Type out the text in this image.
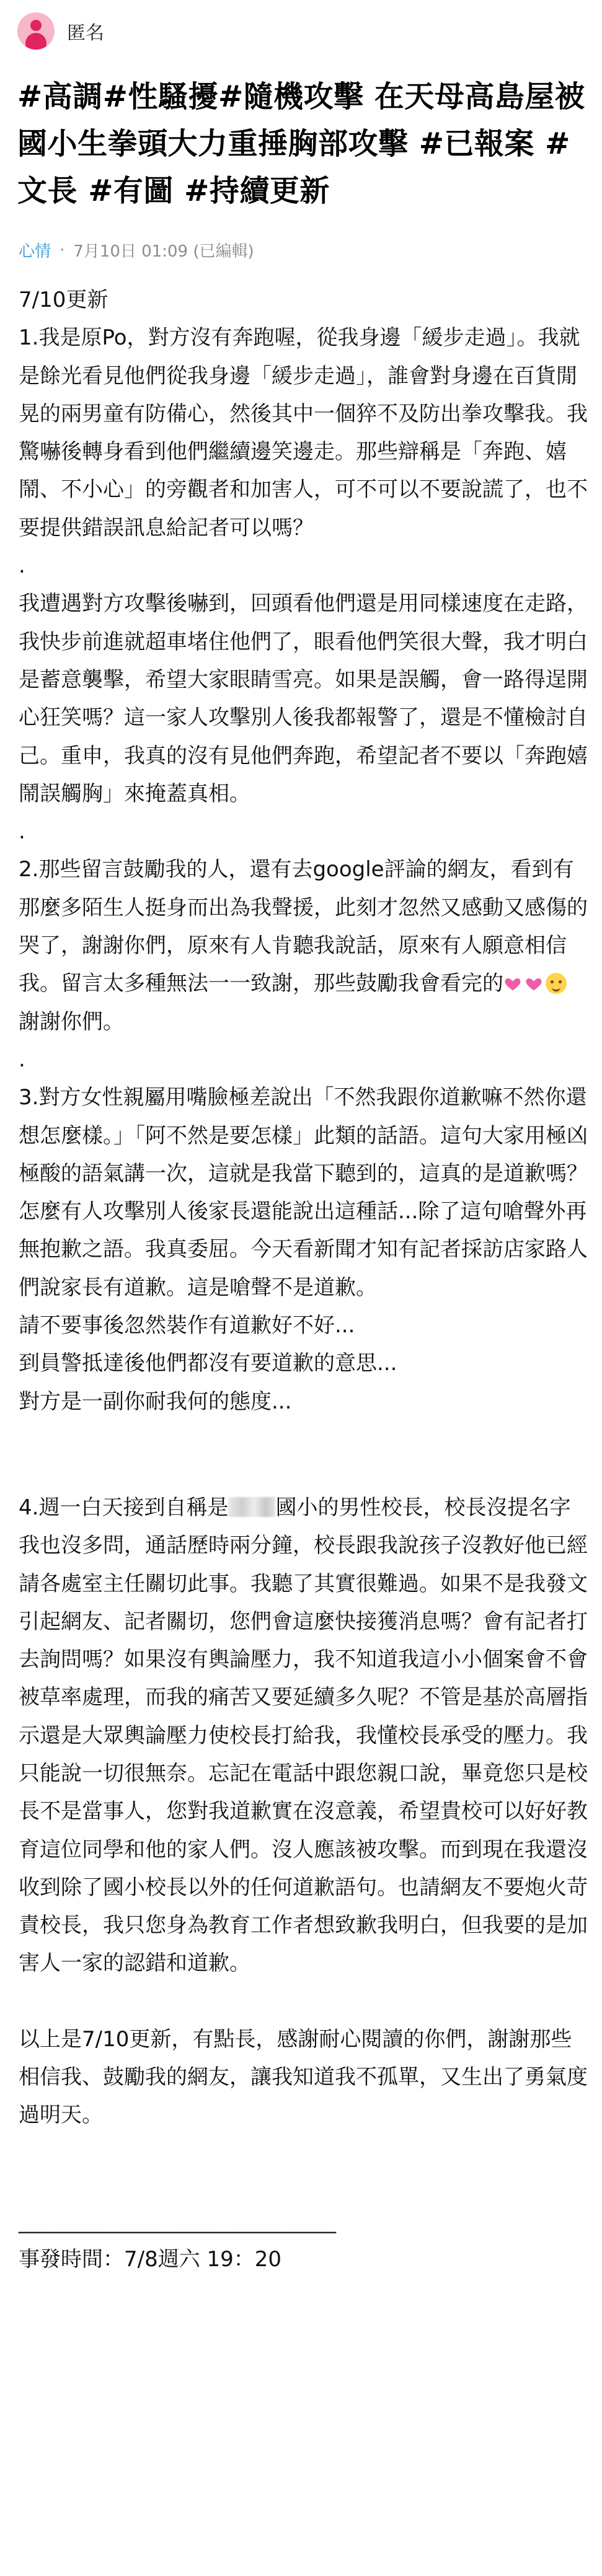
匿名
#高調#性騷擾#隨機攻擊 在天母高島屋被國小生拳頭大力重捶胸部攻擊 #已報案 #文長 #有圖 #持續更新
心情 · 7月10日 01:09 (已編輯)
7/10更新
1.我是原Po，對方沒有奔跑喔，從我身邊「緩步走過」。我就是餘光看見他們從我身邊「緩步走過」，誰會對身邊在百貨閒晃的兩男童有防備心，然後其中一個猝不及防出拳攻擊我。我驚嚇後轉身看到他們繼續邊笑邊走。那些辯稱是「奔跑、嬉鬧、不小心」的旁觀者和加害人，可不可以不要說謊了，也不要提供錯誤訊息給記者可以嗎？
.
我遭遇對方攻擊後嚇到，回頭看他們還是用同樣速度在走路，我快步前進就超車堵住他們了，眼看他們笑很大聲，我才明白是蓄意襲擊，希望大家眼睛雪亮。如果是誤觸，會一路得逞開心狂笑嗎？這一家人攻擊別人後我都報警了，還是不懂檢討自己。重申，我真的沒有見他們奔跑，希望記者不要以「奔跑嬉鬧誤觸胸」來掩蓋真相。
.
2.那些留言鼓勵我的人，還有去google評論的網友，看到有那麼多陌生人挺身而出為我聲援，此刻才忽然又感動又感傷的哭了，謝謝你們，原來有人肯聽我說話，原來有人願意相信我。留言太多種無法一一致謝，那些鼓勵我會看完的謝謝你們。
.
3.對方女性親屬用嘴臉極差說出「不然我跟你道歉嘛不然你還想怎麼樣。」「阿不然是要怎樣」此類的話語。這句大家用極凶極酸的語氣講一次，這就是我當下聽到的，這真的是道歉嗎？怎麼有人攻擊別人後家長還能說出這種話...除了這句嗆聲外再無抱歉之語。我真委屈。今天看新聞才知有記者採訪店家路人們說家長有道歉。這是嗆聲不是道歉。
請不要事後忽然裝作有道歉好不好...
到員警抵達後他們都沒有要道歉的意思...
對方是一副你耐我何的態度...
4.週一白天接到自稱是 國小的男性校長，校長沒提名字我也沒多問，通話歷時兩分鐘，校長跟我說孩子沒教好他已經請各處室主任關切此事。我聽了其實很難過。如果不是我發文引起網友、記者關切，您們會這麼快接獲消息嗎？會有記者打去詢問嗎？如果沒有輿論壓力，我不知道我這小小個案會不會被草率處理，而我的痛苦又要延續多久呢？不管是基於高層指示還是大眾輿論壓力使校長打給我，我懂校長承受的壓力。我只能說一切很無奈。忘記在電話中跟您親口說，畢竟您只是校長不是當事人，您對我道歉實在沒意義，希望貴校可以好好教育這位同學和他的家人們。沒人應該被攻擊。而到現在我還沒收到除了國小校長以外的任何道歉語句。也請網友不要炮火苛責校長，我只您身為教育工作者想致歉我明白，但我要的是加害人一家的認錯和道歉。
以上是7/10更新，有點長，感謝耐心閱讀的你們，謝謝那些相信我、鼓勵我的網友，讓我知道我不孤單，又生出了勇氣度過明天。
__________________________________
事發時間：7/8週六 19：20
